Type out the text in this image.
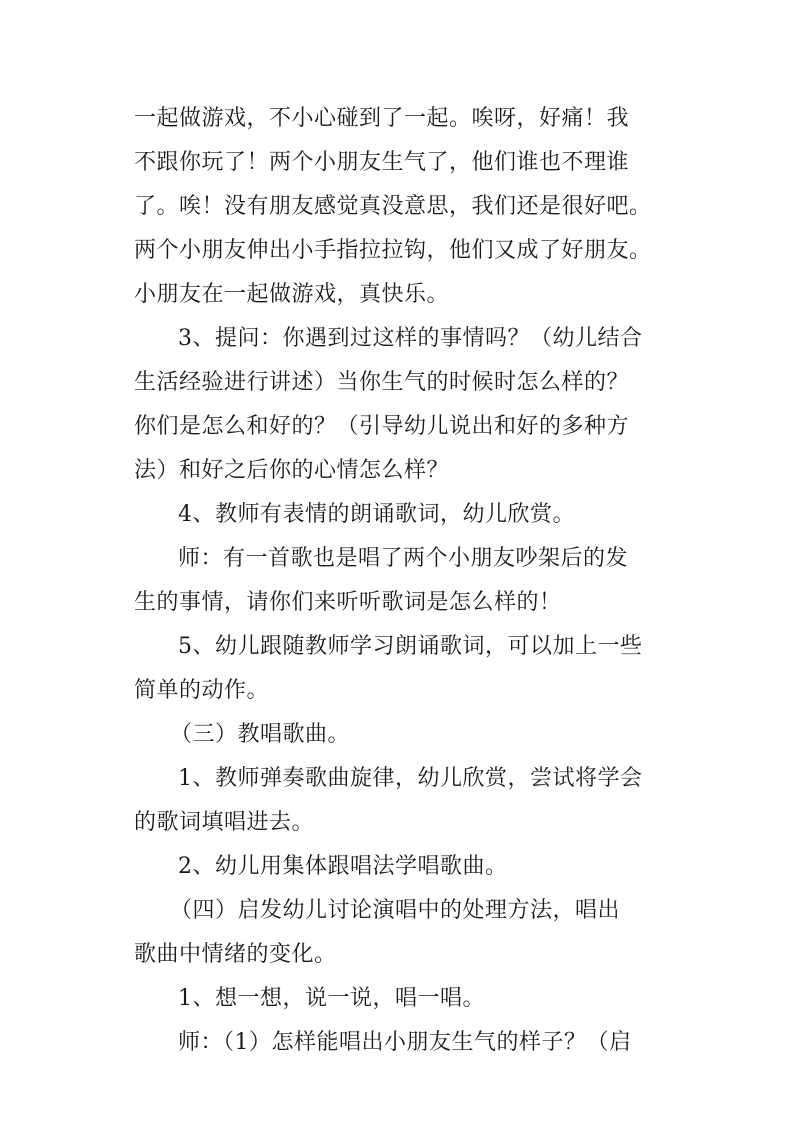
一起做游戏，不小心碰到了一起。唉呀，好痛！我
不跟你玩了！两个小朋友生气了，他们谁也不理谁
了。唉！没有朋友感觉真没意思，我们还是很好吧。
两个小朋友伸出小手指拉拉钩，他们又成了好朋友。
小朋友在一起做游戏，真快乐。
3、提问：你遇到过这样的事情吗？（幼儿结合
生活经验进行讲述）当你生气的时候时怎么样的？
你们是怎么和好的？（引导幼儿说出和好的多种方
法）和好之后你的心情怎么样？
4、教师有表情的朗诵歌词，幼儿欣赏。
师：有一首歌也是唱了两个小朋友吵架后的发
生的事情，请你们来听听歌词是怎么样的！
5、幼儿跟随教师学习朗诵歌词，可以加上一些
简单的动作。
（三）教唱歌曲。
1、教师弹奏歌曲旋律，幼儿欣赏，尝试将学会
的歌词填唱进去。
2、幼儿用集体跟唱法学唱歌曲。
（四）启发幼儿讨论演唱中的处理方法，唱出
歌曲中情绪的变化。
1、想一想，说一说，唱一唱。
师：（1）怎样能唱出小朋友生气的样子？（启
